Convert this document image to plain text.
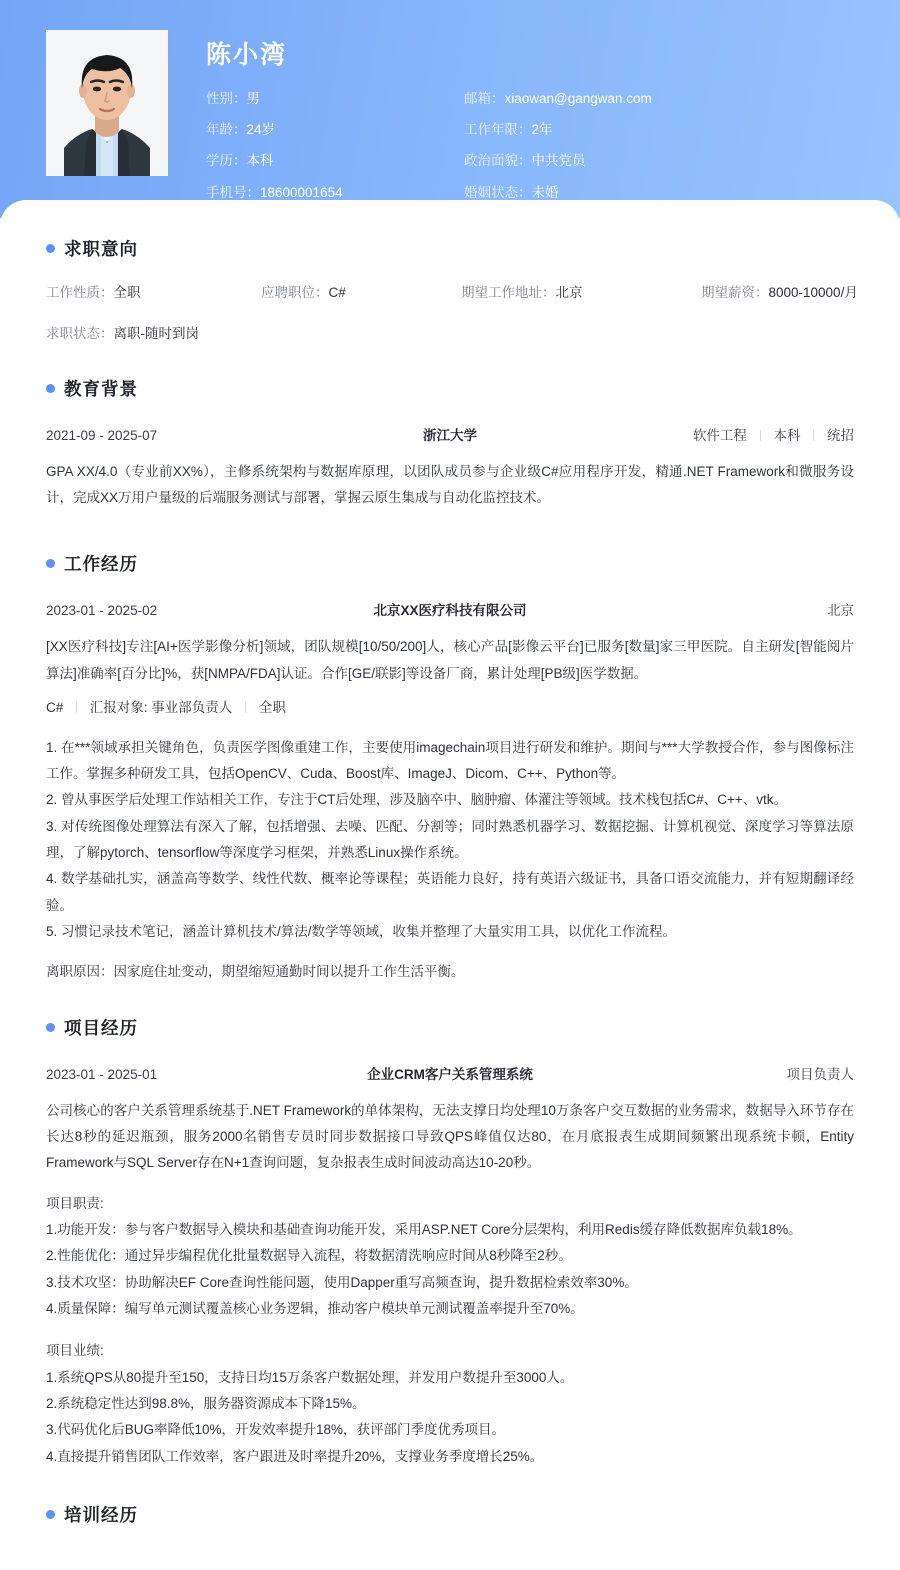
陈小湾
性别：男	邮箱：xiaowan@gangwan.com
年龄：24岁	工作年限：2年
学历：本科	政治面貌：中共党员
手机号：18600001654	婚姻状态：未婚
求职意向
工作性质：全职	应聘职位：C#	期望工作地址：北京	期望薪资：8000-10000/月
求职状态：离职-随时到岗
教育背景
2021-09 - 2025-07	浙江大学	软件工程 本科 统招
GPA XX/4.0（专业前XX%），主修系统架构与数据库原理，以团队成员参与企业级C#应用程序开发，精通.NET Framework和微服务设计，完成XX万用户量级的后端服务测试与部署，掌握云原生集成与自动化监控技术。
工作经历
2023-01 - 2025-02	北京XX医疗科技有限公司	北京
[XX医疗科技]专注[AI+医学影像分析]领域，团队规模[10/50/200]人，核心产品[影像云平台]已服务[数量]家三甲医院。自主研发[智能阅片算法]准确率[百分比]%，获[NMPA/FDA]认证。合作[GE/联影]等设备厂商，累计处理[PB级]医学数据。
C# 汇报对象: 事业部负责人 全职
1. 在***领域承担关键角色，负责医学图像重建工作，主要使用imagechain项目进行研发和维护。期间与***大学教授合作，参与图像标注工作。掌握多种研发工具，包括OpenCV、Cuda、Boost库、ImageJ、Dicom、C++、Python等。
2. 曾从事医学后处理工作站相关工作，专注于CT后处理，涉及脑卒中、脑肿瘤、体灌注等领域。技术栈包括C#、C++、vtk。
3. 对传统图像处理算法有深入了解，包括增强、去噪、匹配、分割等；同时熟悉机器学习、数据挖掘、计算机视觉、深度学习等算法原理，了解pytorch、tensorflow等深度学习框架，并熟悉Linux操作系统。
4. 数学基础扎实，涵盖高等数学、线性代数、概率论等课程；英语能力良好，持有英语六级证书，具备口语交流能力，并有短期翻译经验。
5. 习惯记录技术笔记，涵盖计算机技术/算法/数学等领域，收集并整理了大量实用工具，以优化工作流程。
离职原因：因家庭住址变动，期望缩短通勤时间以提升工作生活平衡。
项目经历
2023-01 - 2025-01	企业CRM客户关系管理系统	项目负责人
公司核心的客户关系管理系统基于.NET Framework的单体架构，无法支撑日均处理10万条客户交互数据的业务需求，数据导入环节存在长达8秒的延迟瓶颈，服务2000名销售专员时同步数据接口导致QPS峰值仅达80，在月底报表生成期间频繁出现系统卡顿，Entity Framework与SQL Server存在N+1查询问题，复杂报表生成时间波动高达10-20秒。
项目职责:
1.功能开发：参与客户数据导入模块和基础查询功能开发，采用ASP.NET Core分层架构，利用Redis缓存降低数据库负载18%。
2.性能优化：通过异步编程优化批量数据导入流程，将数据清洗响应时间从8秒降至2秒。
3.技术攻坚：协助解决EF Core查询性能问题，使用Dapper重写高频查询，提升数据检索效率30%。
4.质量保障：编写单元测试覆盖核心业务逻辑，推动客户模块单元测试覆盖率提升至70%。
项目业绩:
1.系统QPS从80提升至150，支持日均15万条客户数据处理，并发用户数提升至3000人。
2.系统稳定性达到98.8%，服务器资源成本下降15%。
3.代码优化后BUG率降低10%，开发效率提升18%，获评部门季度优秀项目。
4.直接提升销售团队工作效率，客户跟进及时率提升20%，支撑业务季度增长25%。
培训经历
